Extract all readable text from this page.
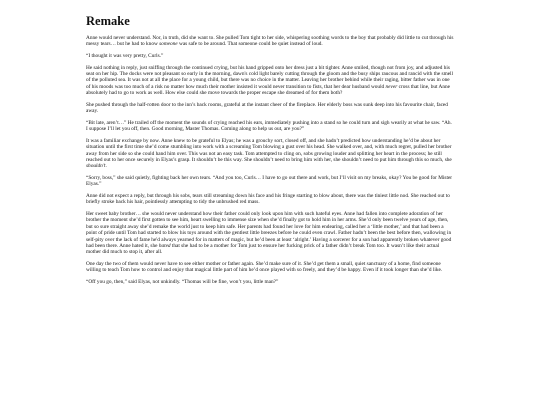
Remake

Anne would never understand. Nor, in truth, did she want to. She pulled Tom tight to her side, whispering soothing words to the boy that probably did little to cut through his messy tears… but he had to know someone was safe to be around. That someone could be quiet instead of loud.

“I thought it was very pretty, Curls.”

He said nothing in reply, just sniffing through the continued crying, but his hand gripped onto her dress just a bit tighter. Anne smiled, though not from joy, and adjusted his seat on her hip. The docks were not pleasant so early in the morning, dawn's cold light barely cutting through the gloom and the busy ships raucous and rancid with the smell of the polluted sea. It was not at all the place for a young child, but there was no choice in the matter. Leaving her brother behind while their raging, bitter father was in one of his moods was too much of a risk no matter how much their mother insisted it would never transition to fists, that her dear husband would never cross that line, but Anne absolutely had to go to work as well. How else could she move towards the proper escape she dreamed of for them both?

She pushed through the half-rotten door to the inn’s back rooms, grateful at the instant cheer of the fireplace. Her elderly boss was sunk deep into his favourite chair, faced away.

“Bit late, aren’t…” He trailed off the moment the sounds of crying reached his ears, immediately pushing into a stand so he could turn and sigh wearily at what he saw. “Ah. I suppose I’ll let you off, then. Good morning, Master Thomas. Coming along to help us out, are you?”

It was a familiar exchange by now. Anne knew to be grateful to Elyas; he was a grouchy sort, closed off, and she hadn’t predicted how understanding he’d be about her situation until the first time she’d come stumbling into work with a screaming Tom blowing a gust over his head. She walked over, and, with much regret, pulled her brother away from her side so she could hand him over. This was not an easy task. Tom attempted to cling on, sobs growing louder and splitting her heart in the process; he still reached out to her once securely in Elyas’s grasp. It shouldn’t be this way. She shouldn’t need to bring him with her, she shouldn’t need to put him through this so much, she shouldn’t.

“Sorry, boss,” she said quietly, fighting back her own tears. “And you too, Curls… I have to go out there and work, but I’ll visit on my breaks, okay? You be good for Mister Elyas.”

Anne did not expect a reply, but through his sobs, tears still streaming down his face and his fringe starting to blow about, there was the tiniest little nod. She reached out to briefly stroke back his hair, pointlessly attempting to tidy the unbrushed red mass.

Her sweet baby brother… she would never understand how their father could only look upon him with such hateful eyes. Anne had fallen into complete adoration of her brother the moment she’d first gotten to see him, heart swelling to immense size when she’d finally got to hold him in her arms. She’d only been twelve years of age, then, but so sure straight away she’d remake the world just to keep him safe. Her parents had found her love for him endearing, called her a ‘little mother,’ and that had been a point of pride until Tom had started to blow his toys around with the gentlest little breezes before he could even crawl. Father hadn’t been the best before then, wallowing in self-pity over the lack of fame he'd always yearned for in matters of magic, but he’d been at least ‘alright.’ Having a sorcerer for a son had apparently broken whatever good had been there. Anne hated it, she hated that she had to be a mother for Tom just to ensure her fucking prick of a father didn’t break Tom too. It wasn’t like their actual mother did much to stop it, after all.

One day the two of them would never have to see either mother or father again. She’d make sure of it. She’d get them a small, quiet sanctuary of a home, find someone willing to teach Tom how to control and enjoy that magical little part of him he’d once played with so freely, and they’d be happy. Even if it took longer than she’d like.

“Off you go, then,” said Elyas, not unkindly. “Thomas will be fine, won’t you, little man?”
